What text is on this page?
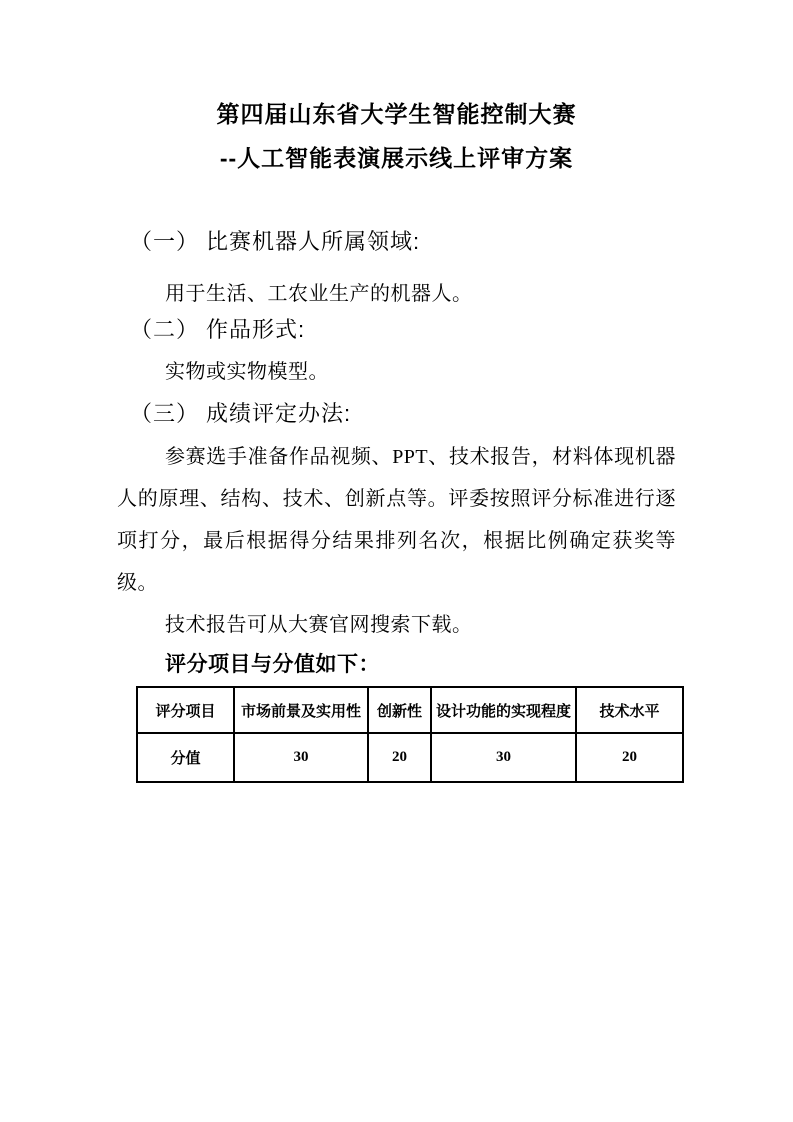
第四届山东省大学生智能控制大赛
--人工智能表演展示线上评审方案
（一） 比赛机器人所属领域:

用于生活、工农业生产的机器人。

（二） 作品形式:

实物或实物模型。

（三） 成绩评定办法:

参赛选手准备作品视频、PPT、技术报告，材料体现机器人的原理、结构、技术、创新点等。评委按照评分标准进行逐项打分，最后根据得分结果排列名次，根据比例确定获奖等级。

技术报告可从大赛官网搜索下载。

评分项目与分值如下：

评分项目	市场前景及实用性	创新性	设计功能的实现程度	技术水平
分值	30	20	30	20
